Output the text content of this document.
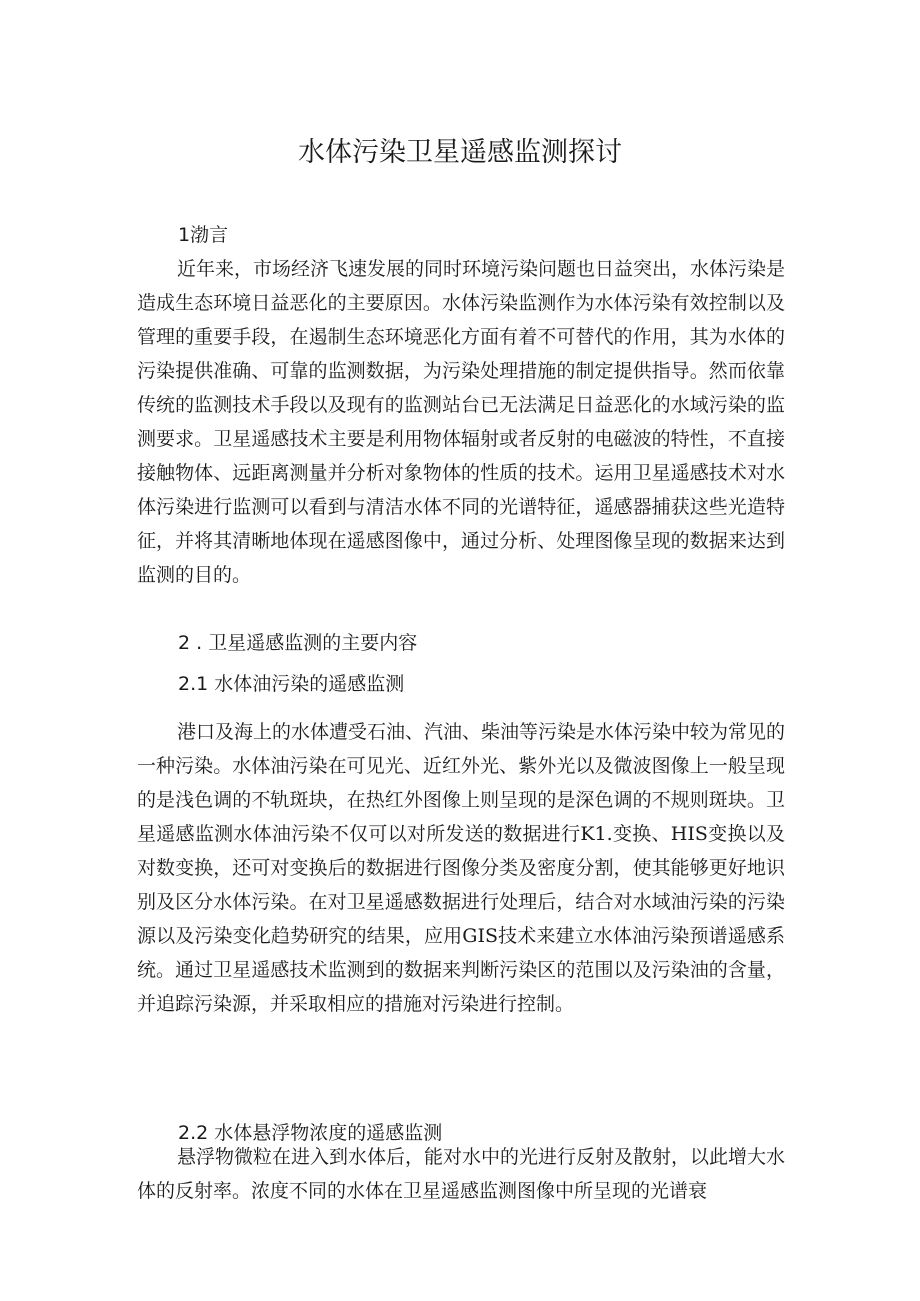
水体污染卫星遥感监测探讨
1渤言

近年来，市场经济飞速发展的同时环境污染问题也日益突出，水体污染是造成生态环境日益恶化的主要原因。水体污染监测作为水体污染有效控制以及管理的重要手段，在遏制生态环境恶化方面有着不可替代的作用，其为水体的污染提供准确、可靠的监测数据，为污染处理措施的制定提供指导。然而依靠传统的监测技术手段以及现有的监测站台已无法满足日益恶化的水域污染的监测要求。卫星遥感技术主要是利用物体辐射或者反射的电磁波的特性，不直接接触物体、远距离测量并分析对象物体的性质的技术。运用卫星遥感技术对水体污染进行监测可以看到与清洁水体不同的光谱特征，遥感器捕获这些光造特征，并将其清晰地体现在遥感图像中，通过分析、处理图像呈现的数据来达到监测的目的。

2 . 卫星遥感监测的主要内容
2.1 水体油污染的遥感监测

港口及海上的水体遭受石油、汽油、柴油等污染是水体污染中较为常见的一种污染。水体油污染在可见光、近红外光、紫外光以及微波图像上一般呈现的是浅色调的不轨斑块，在热红外图像上则呈现的是深色调的不规则斑块。卫星遥感监测水体油污染不仅可以对所发送的数据进行K1.变换、HIS变换以及对数变换，还可对变换后的数据进行图像分类及密度分割，使其能够更好地识别及区分水体污染。在对卫星遥感数据进行处理后，结合对水域油污染的污染源以及污染变化趋势研究的结果，应用GIS技术来建立水体油污染预谱遥感系统。通过卫星遥感技术监测到的数据来判断污染区的范围以及污染油的含量，并追踪污染源，并采取相应的措施对污染进行控制。

2.2 水体悬浮物浓度的遥感监测

悬浮物微粒在进入到水体后，能对水中的光进行反射及散射，以此增大水体的反射率。浓度不同的水体在卫星遥感监测图像中所呈现的光谱衰
